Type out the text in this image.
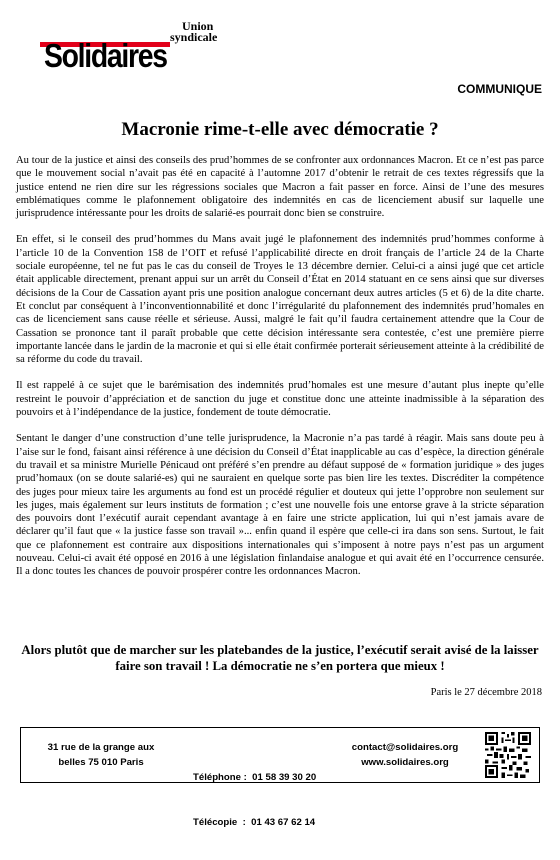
Union
syndicale
Solidaires
COMMUNIQUE
Macronie rime-t-elle avec démocratie ?

Au tour de la justice et ainsi des conseils des prud’hommes de se confronter aux ordonnances Macron. Et ce n’est pas parce que le mouvement social n’avait pas été en capacité à l’automne 2017 d’obtenir le retrait de ces textes régressifs que la justice entend ne rien dire sur les régressions sociales que Macron a fait passer en force. Ainsi de l’une des mesures emblématiques comme le plafonnement obligatoire des indemnités en cas de licenciement abusif sur laquelle une jurisprudence intéressante pour les droits de salarié-es pourrait donc bien se construire.

En effet, si le conseil des prud’hommes du Mans avait jugé le plafonnement des indemnités prud’hommes conforme à l’article 10 de la Convention 158 de l’OIT et refusé l’applicabilité directe en droit français de l’article 24 de la Charte sociale européenne, tel ne fut pas le cas du conseil de Troyes le 13 décembre dernier. Celui-ci a ainsi jugé que cet article était applicable directement, prenant appui sur un arrêt du Conseil d’État en 2014 statuant en ce sens ainsi que sur diverses décisions de la Cour de Cassation ayant pris une position analogue concernant deux autres articles (5 et 6) de la dite charte. Et conclut par conséquent à l’inconventionnabilité et donc l’irrégularité du plafonnement des indemnités prud’homales en cas de licenciement sans cause réelle et sérieuse. Aussi, malgré le fait qu’il faudra certainement attendre que la Cour de Cassation se prononce tant il paraît probable que cette décision intéressante sera contestée, c’est une première pierre importante lancée dans le jardin de la macronie et qui si elle était confirmée porterait sérieusement atteinte à la crédibilité de sa réforme du code du travail.

Il est rappelé à ce sujet que le barémisation des indemnités prud’homales est une mesure d’autant plus inepte qu’elle restreint le pouvoir d’appréciation et de sanction du juge et constitue donc une atteinte inadmissible à la séparation des pouvoirs et à l’indépendance de la justice, fondement de toute démocratie.

Sentant le danger d’une construction d’une telle jurisprudence, la Macronie n’a pas tardé à réagir. Mais sans doute peu à l’aise sur le fond, faisant ainsi référence à une décision du Conseil d’État inapplicable au cas d’espèce, la direction générale du travail et sa ministre Murielle Pénicaud ont préféré s’en prendre au défaut supposé de « formation juridique » des juges prud’homaux (on se doute salarié-es) qui ne sauraient en quelque sorte pas bien lire les textes. Discréditer la compétence des juges pour mieux taire les arguments au fond est un procédé régulier et douteux qui jette l’opprobre non seulement sur les juges, mais également sur leurs instituts de formation ; c’est une nouvelle fois une entorse grave à la stricte séparation des pouvoirs dont l’exécutif aurait cependant avantage à en faire une stricte application, lui qui n’est jamais avare de déclarer qu’il faut que « la justice fasse son travail »... enfin quand il espère que celle-ci ira dans son sens. Surtout, le fait que ce plafonnement est contraire aux dispositions internationales qui s’imposent à notre pays n’est pas un argument nouveau. Celui-ci avait été opposé en 2016 à une législation finlandaise analogue et qui avait été en l’occurrence censurée. Il a donc toutes les chances de pouvoir prospérer contre les ordonnances Macron.

Alors plutôt que de marcher sur les platebandes de la justice, l’exécutif serait avisé de la laisser faire son travail ! La démocratie ne s’en portera que mieux !
Paris le 27 décembre 2018
31 rue de la grange aux
belles 75 010 Paris

Téléphone :  01 58 39 30 20

Télécopie  :  01 43 67 62 14

contact@solidaires.org
www.solidaires.org
